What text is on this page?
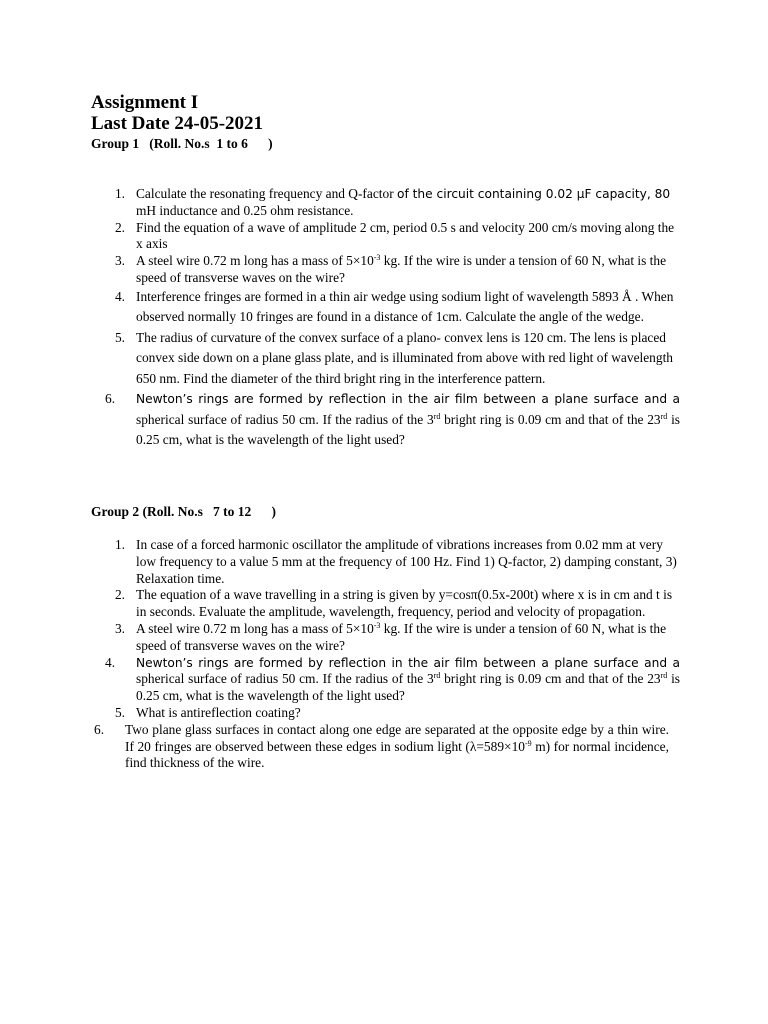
Assignment I
Last Date 24-05-2021
Group 1   (Roll. No.s  1 to 6      )
1. Calculate the resonating frequency and Q-factor of the circuit containing 0.02 μF capacity, 80 mH inductance and 0.25 ohm resistance.
2. Find the equation of a wave of amplitude 2 cm, period 0.5 s and velocity 200 cm/s moving along the x axis
3. A steel wire 0.72 m long has a mass of $5\times 10^{-3}$ kg. If the wire is under a tension of 60 N, what is the speed of transverse waves on the wire?
4. Interference fringes are formed in a thin air wedge using sodium light of wavelength 5893 Å . When observed normally 10 fringes are found in a distance of 1cm. Calculate the angle of the wedge.
5. The radius of curvature of the convex surface of a plano- convex lens is 120 cm. The lens is placed convex side down on a plane glass plate, and is illuminated from above with red light of wavelength 650 nm. Find the diameter of the third bright ring in the interference pattern.
6.	Newton’s rings are formed by reflection in the air film between a plane surface and a spherical surface of radius 50 cm. If the radius of the 3rd bright ring is 0.09 cm and that of the 23rd is 0.25 cm, what is the wavelength of the light used?
Group 2 (Roll. No.s   7 to 12      )
1. In case of a forced harmonic oscillator the amplitude of vibrations increases from 0.02 mm at very low frequency to a value 5 mm at the frequency of 100 Hz. Find 1) Q-factor, 2) damping constant, 3) Relaxation time.
2. The equation of a wave travelling in a string is given by y=cosπ(0.5x-200t) where x is in cm and t is in seconds. Evaluate the amplitude, wavelength, frequency, period and velocity of propagation.
3. A steel wire 0.72 m long has a mass of $5\times 10^{-3}$ kg. If the wire is under a tension of 60 N, what is the speed of transverse waves on the wire?
4.	Newton’s rings are formed by reflection in the air film between a plane surface and a spherical surface of radius 50 cm. If the radius of the 3rd bright ring is 0.09 cm and that of the 23rd is 0.25 cm, what is the wavelength of the light used?
5. What is antireflection coating?
6.	Two plane glass surfaces in contact along one edge are separated at the opposite edge by a thin wire. If 20 fringes are observed between these edges in sodium light ($\lambda=589\times 10^{-9}$ m) for normal incidence, find thickness of the wire.
